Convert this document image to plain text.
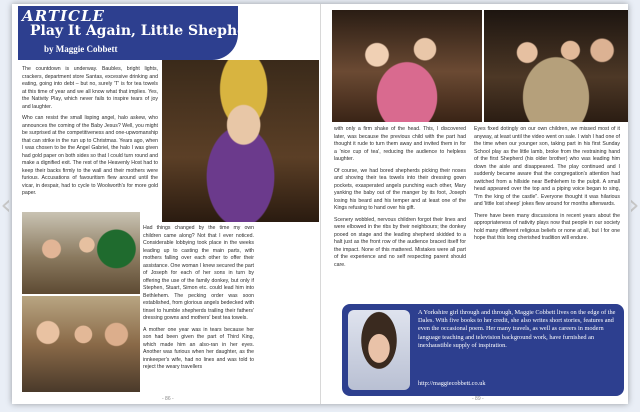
‹	›
ARTICLE
Play It Again, Little Shepherds!
by Maggie Cobbett

The countdown is underway. Baubles, bright lights, crackers, department store Santas, excessive drinking and eating, going into debt – but no, surely 'T' is for tea towels at this time of year and we all know what that implies. Yes, the Nativity Play, which never fails to inspire tears of joy and laughter.

Who can resist the small lisping angel, halo askew, who announces the coming of the Baby Jesus? Well, you might be surprised at the competitiveness and one-upwomanship that can strike in the run up to Christmas. Years ago, when I was chosen to be the Angel Gabriel, the halo I was given had gold paper on both sides so that I could turn round and make a dignified exit. The rest of the Heavenly Host had to keep their backs firmly to the wall and their mothers were furious. Accusations of favouritism flew around until the vicar, in despair, had to cycle to Woolworth's for more gold paper.

Had things changed by the time my own children came along? Not that I ever noticed. Considerable lobbying took place in the weeks leading up to casting the main parts, with mothers falling over each other to offer their assistance. One woman I knew secured the part of Joseph for each of her sons in turn by offering the use of the family donkey, but only if Stephen, Stuart, Simon etc. could lead him into Bethlehem. The pecking order was soon established, from glorious angels bedecked with tinsel to humble shepherds trailing their fathers' dressing gowns and mothers' best tea towels.

A mother one year was in tears because her son had been given the part of Third King, which made him an also-ran in her eyes. Another was furious when her daughter, as the innkeeper's wife, had no lines and was told to reject the weary travellers

- 86 -

with only a firm shake of the head. This, I discovered later, was because the previous child with the part had thought it rude to turn them away and invited them in for a 'nice cup of tea', reducing the audience to helpless laughter.

Of course, we had bored shepherds picking their noses and shoving their tea towels into their dressing gown pockets, exasperated angels punching each other, Mary yanking the baby out of the manger by its foot, Joseph losing his beard and his temper and at least one of the Kings refusing to hand over his gift.

Scenery wobbled, nervous children forgot their lines and were elbowed in the ribs by their neighbours; the donkey pooed on stage and the leading shepherd skidded to a halt just as the front row of the audience braced itself for the impact. None of this mattered. Mistakes were all part of the experience and no self respecting parent should care.

Eyes fixed dotingly on our own children, we missed most of it anyway, at least until the video went on sale. I wish I had one of the time when our younger son, taking part in his first Sunday School play as the little lamb, broke from the restraining hand of the first Shepherd (his older brother) who was leading him down the aisle and disappeared. The play continued and I suddenly became aware that the congregation's attention had switched from a hillside near Bethlehem to the pulpit. A small head appeared over the top and a piping voice began to sing, "I'm the king of the castle". Everyone thought it was hilarious and 'little lost sheep' jokes flew around for months afterwards.

There have been many discussions in recent years about the appropriateness of nativity plays now that people in our society hold many different religious beliefs or none at all, but I for one hope that this long cherished tradition will endure.

A Yorkshire girl through and through, Maggie Cobbett lives on the edge of the Dales. With five books to her credit, she also writes short stories, features and even the occasional poem. Her many travels, as well as careers in modern language teaching and television background work, have furnished an inexhaustible supply of inspiration.
http://maggiecobbett.co.uk
- 89 -
